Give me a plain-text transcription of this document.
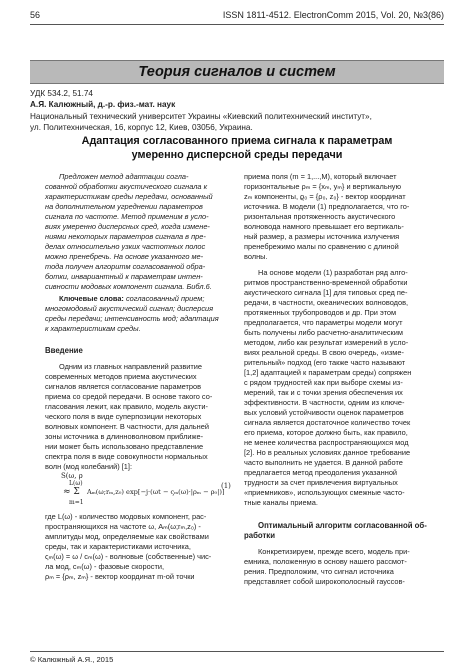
56	ISSN 1811-4512. ElectronComm 2015, Vol. 20, №3(86)
Теория сигналов и систем
УДК 534.2, 51.74
А.Я. Калюжный, д.-р. физ.-мат. наук
Национальный технический университет Украины «Киевский политехнический институт»,
ул. Политехническая, 16, корпус 12, Киев, 03056, Украина.
Адаптация согласованного приема сигнала к параметрам
умеренно дисперсной среды передачи

Предложен метод адаптации согла-

сованной обработки акустического сигнала к

характеристикам среды передачи, основанный

на дополнительном угреднении параметров

сигнала по частоте. Метод применим в усло-

виях умеренно дисперсных сред, когда измене-

ниями некоторых параметров сигнала в пре-

делах относительно узких частотных полос

можно пренебречь. На основе указанного ме-

тода получен алгоритм согласованной обра-

ботки, инвариантный к параметрам интен-

сивности модовых компонент сигнала. Библ.6.

Ключевые слова: согласованный прием;

многомодовый акустический сигнал; дисперсия

среды передачи; интенсивность мод; адаптация

к характеристикам среды.

Введение

Одним из главных направлений развитие

современных методов приема акустических

сигналов является согласование параметров

приема со средой передачи. В основе такого со-

гласования лежит, как правило, модель акусти-

ческого поля в виде суперпозиции некоторых

волновых компонент. В частности, для дальней

зоны источника в длинноволновом приближе-

нии может быть использовано представление

спектра поля в виде совокупности нормальных

волн (мод колебаний) [1]:

S(ω, ρ
L(ω)
≈ Σ
m=1
Aₘ(ω;rₘ,z₀) exp[−j·(ωt − ςₘ(ω)·|ρₘ − ρ₀|)]
(1)

где L(ω) - количество модовых компонент, рас-

пространяющихся на частоте ω, Aₘ(ω;rₘ,z₀) -

амплитуды мод, определяемые как свойствами

среды, так и характеристиками источника,

ςₘ(ω) = ω / cₘ(ω) - волновые (собственные) чис-

ла мод, cₘ(ω) - фазовые скорости,

ρₘ = {ρₘ, zₘ} - вектор координат m-ой точки

приема поля (m = 1,...,M), который включает

горизонтальные ρₘ = {xₘ, yₘ} и вертикальную

zₘ компоненты, ϱ₀ = {ρ₀, z₀} - вектор координат

источника. В модели (1) предполагается, что го-

ризонтальная протяженность акустического

волновода намного превышает его вертикаль-

ный размер, а размеры источника излучения

пренебрежимо малы по сравнению с длиной

волны.

На основе модели (1) разработан ряд алго-

ритмов пространственно-временной обработки

акустического сигнала [1] для типовых сред пе-

редачи, в частности, океанических волноводов,

протяженных трубопроводов и др. При этом

предполагается, что параметры модели могут

быть получены либо расчетно-аналитическим

методом, либо как результат измерений в усло-

виях реальной среды. В свою очередь, «изме-

рительный» подход (его также часто называют

[1,2] адаптацией к параметрам среды) сопряжен

с рядом трудностей как при выборе схемы из-

мерений, так и с точки зрения обеспечения их

эффективности. В частности, одним из ключе-

вых условий устойчивости оценок параметров

сигнала является достаточное количество точек

его приема, которое должно быть, как правило,

не менее количества распространяющихся мод

[2]. Но в реальных условиях данное требование

часто выполнить не удается. В данной работе

предлагается метод преодоления указанной

трудности за счет привлечения виртуальных

«приемников», использующих смежные часто-

тные каналы приема.

Оптимальный алгоритм согласованной об-

работки

Конкретизируем, прежде всего, модель при-

емника, положенную в основу нашего рассмот-

рения. Предположим, что сигнал источника

представляет собой широкополосный гауссов-

© Калюжный А.Я., 2015
